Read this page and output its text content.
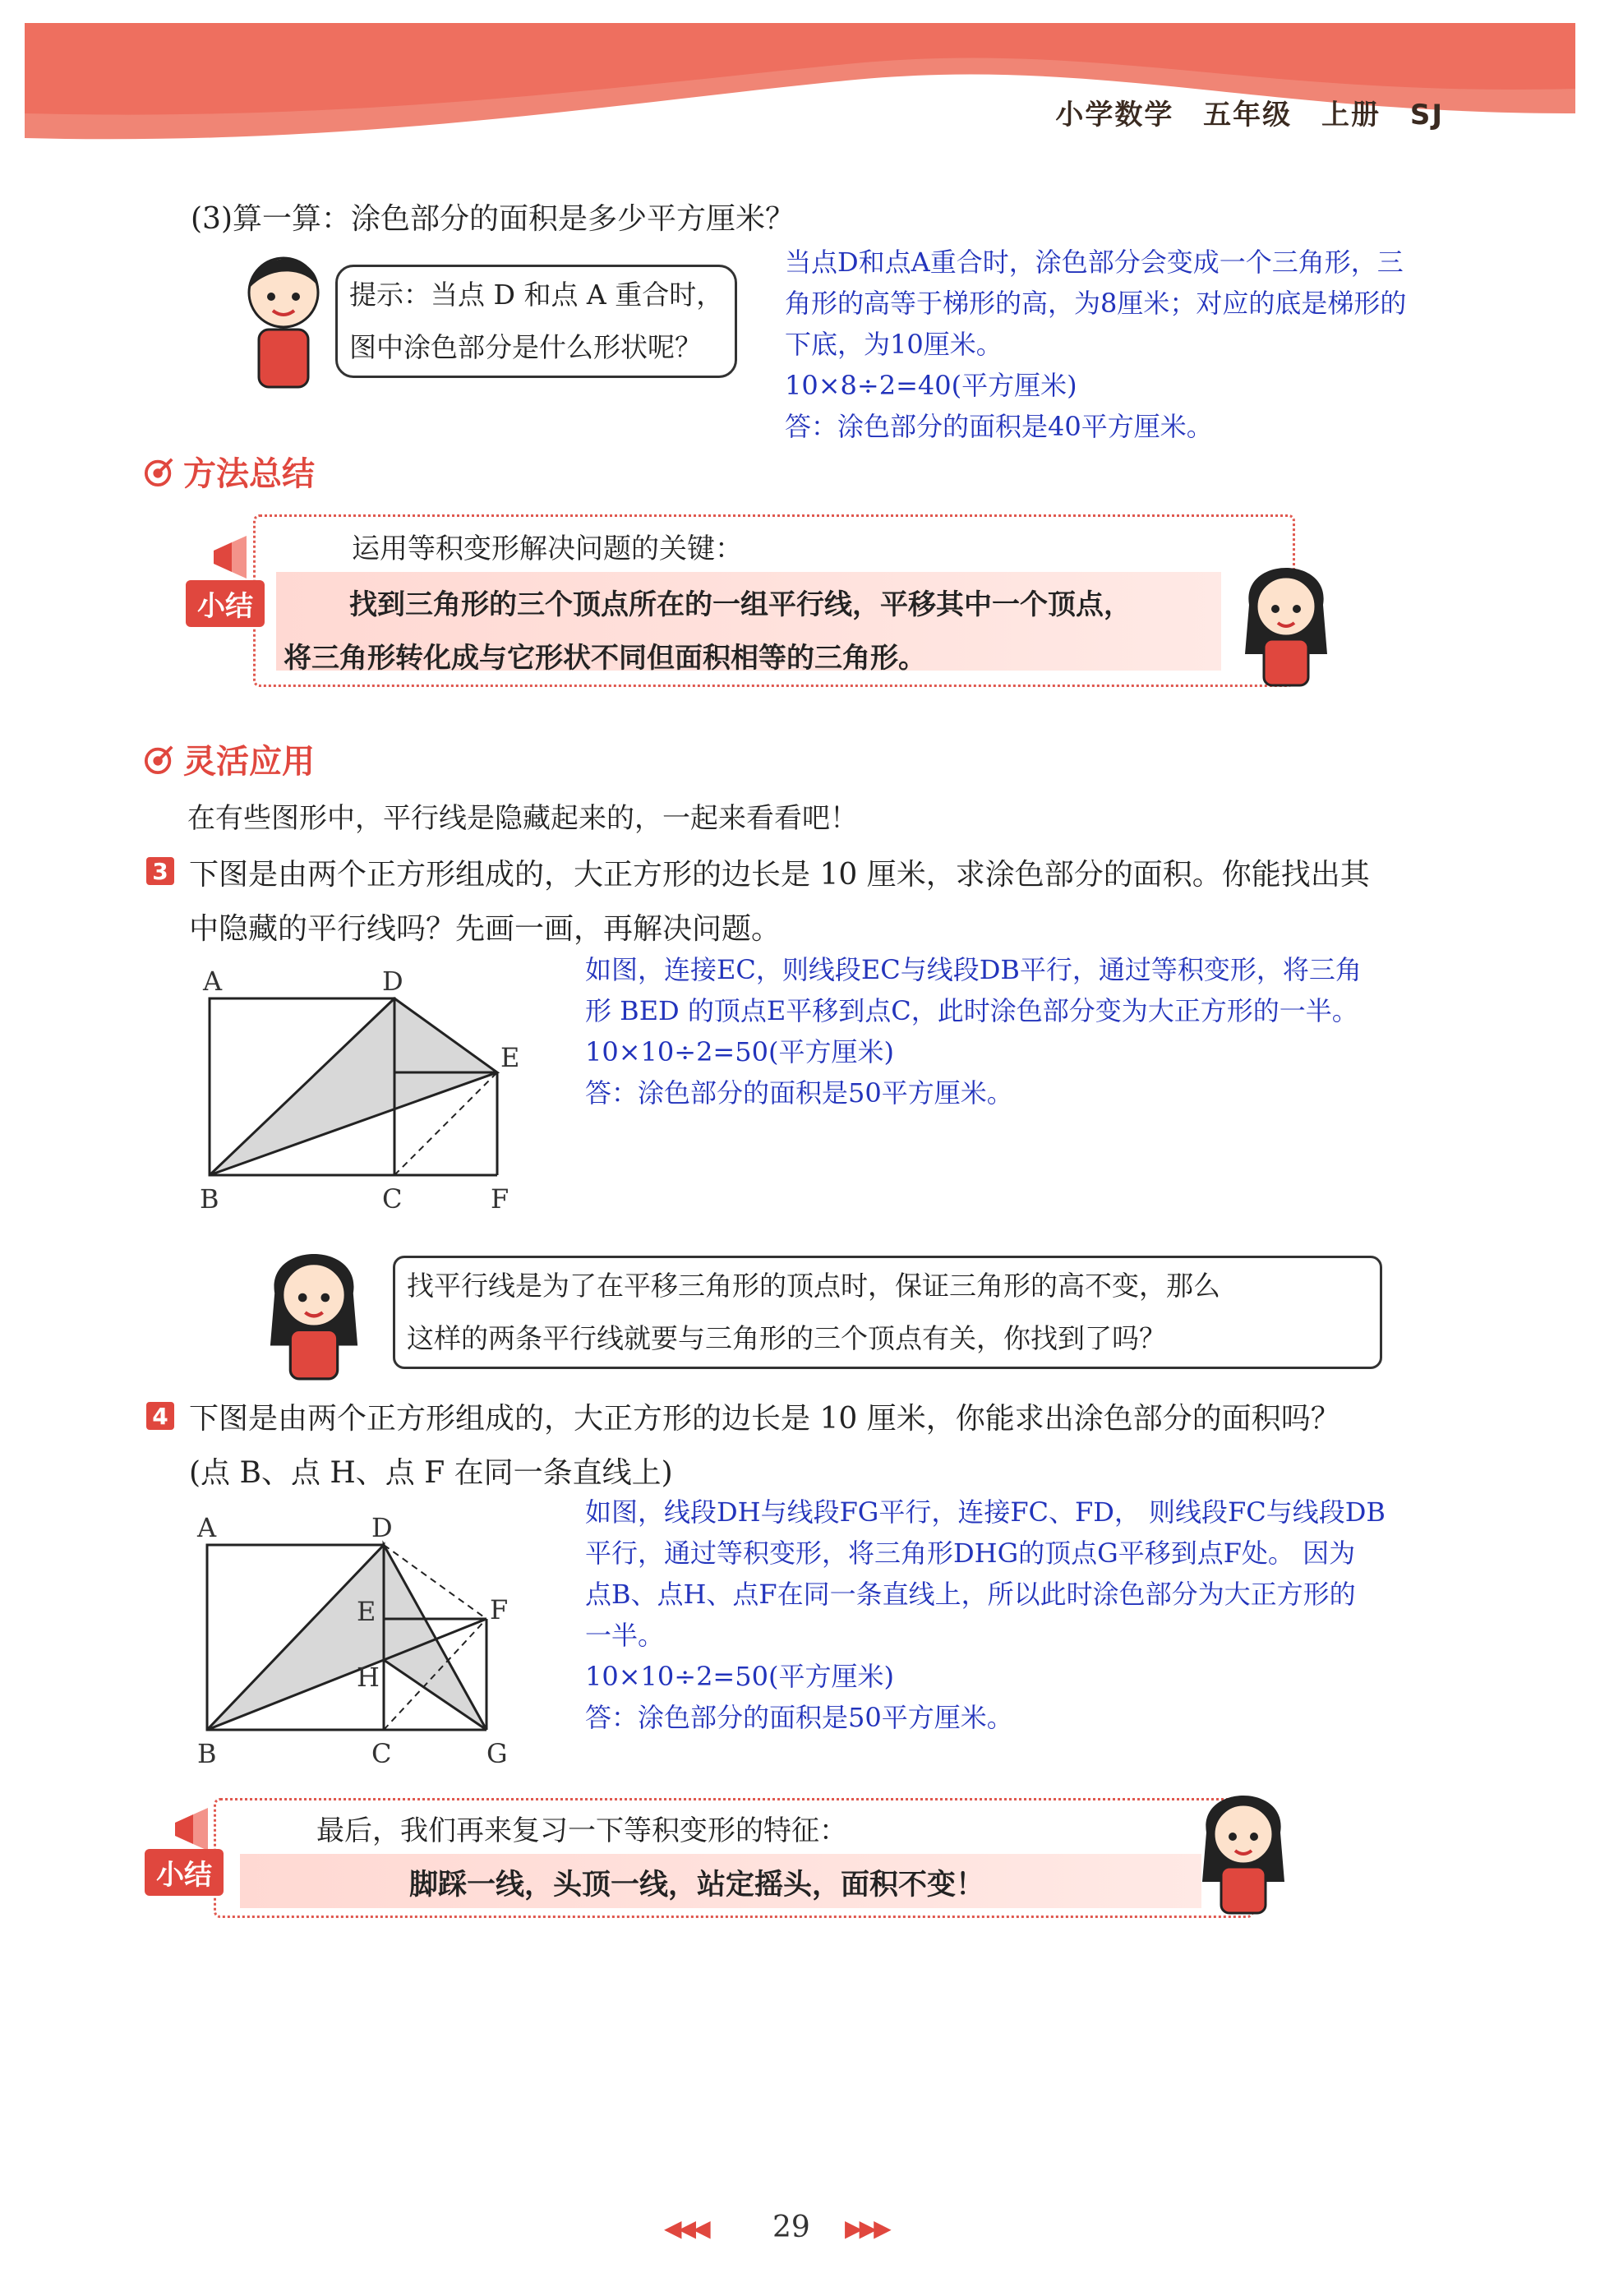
小学数学 五年级 上册 SJ
(3)算一算：涂色部分的面积是多少平方厘米？
提示：当点 D 和点 A 重合时，
图中涂色部分是什么形状呢？
当点D和点A重合时，涂色部分会变成一个三角形，三
角形的高等于梯形的高，为8厘米；对应的底是梯形的
下底，为10厘米。
10×8÷2=40(平方厘米)
答：涂色部分的面积是40平方厘米。
方法总结
小结
运用等积变形解决问题的关键：
找到三角形的三个顶点所在的一组平行线，平移其中一个顶点，
将三角形转化成与它形状不同但面积相等的三角形。
灵活应用
在有些图形中，平行线是隐藏起来的，一起来看看吧！
3 下图是由两个正方形组成的，大正方形的边长是 10 厘米，求涂色部分的面积。你能找出其
中隐藏的平行线吗？先画一画，再解决问题。
A	D
E
B	C	F
如图，连接EC，则线段EC与线段DB平行，通过等积变形，将三角
形 BED 的顶点E平移到点C，此时涂色部分变为大正方形的一半。
10×10÷2=50(平方厘米)
答：涂色部分的面积是50平方厘米。
找平行线是为了在平移三角形的顶点时，保证三角形的高不变，那么
这样的两条平行线就要与三角形的三个顶点有关，你找到了吗？
4 下图是由两个正方形组成的，大正方形的边长是 10 厘米，你能求出涂色部分的面积吗？
(点 B、点 H、点 F 在同一条直线上)
A	D
E	F
H
B	C	G
如图，线段DH与线段FG平行，连接FC、FD， 则线段FC与线段DB
平行，通过等积变形，将三角形DHG的顶点G平移到点F处。 因为
点B、点H、点F在同一条直线上，所以此时涂色部分为大正方形的
一半。
10×10÷2=50(平方厘米)
答：涂色部分的面积是50平方厘米。
小结
最后，我们再来复习一下等积变形的特征：
脚踩一线，头顶一线，站定摇头，面积不变！
◀◀◀ 29 ▶▶▶
